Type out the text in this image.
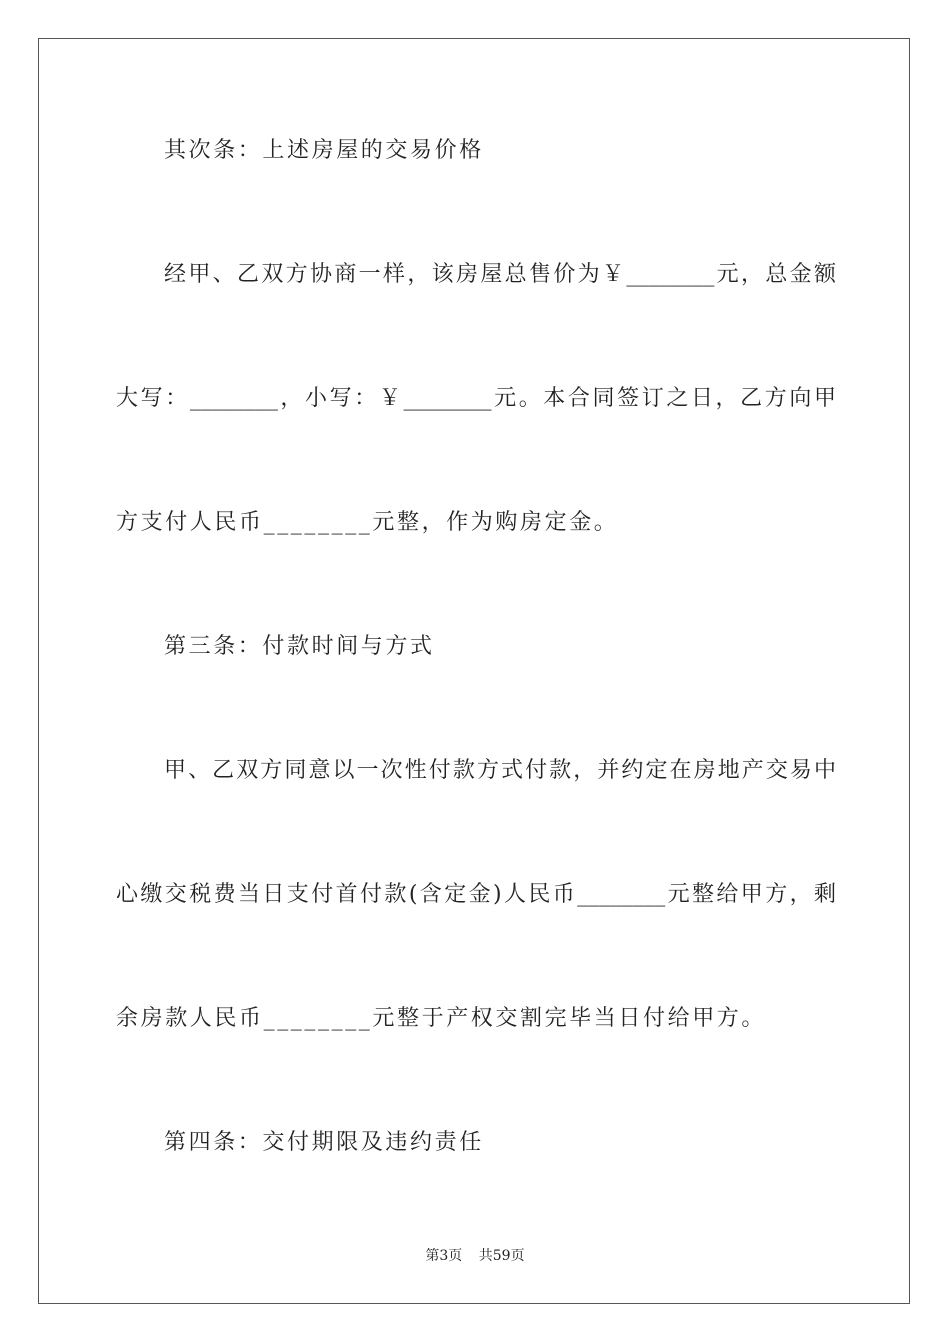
其次条：上述房屋的交易价格
经甲、乙双方协商一样，该房屋总售价为￥________元，总金额
大写：________，小写：￥________元。本合同签订之日，乙方向甲
方支付人民币________元整，作为购房定金。
第三条：付款时间与方式
甲、乙双方同意以一次性付款方式付款，并约定在房地产交易中
心缴交税费当日支付首付款(含定金)人民币________元整给甲方，剩
余房款人民币________元整于产权交割完毕当日付给甲方。
第四条：交付期限及违约责任
第3页 共59页
